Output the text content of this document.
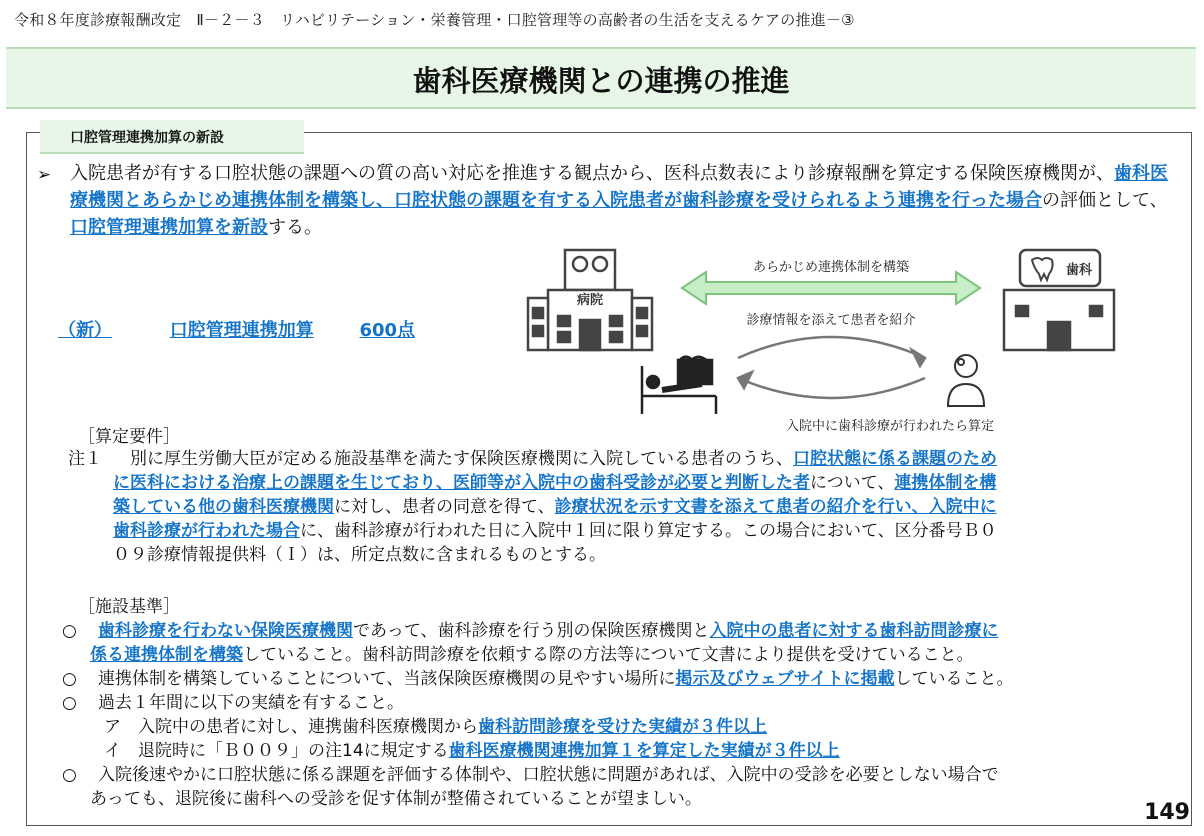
令和８年度診療報酬改定　Ⅱ－２－３　リハビリテーション・栄養管理・口腔管理等の高齢者の生活を支えるケアの推進－③
歯科医療機関との連携の推進
口腔管理連携加算の新設
➢ 入院患者が有する口腔状態の課題への質の高い対応を推進する観点から、医科点数表により診療報酬を算定する保険医療機関が、歯科医療機関とあらかじめ連携体制を構築し、口腔状態の課題を有する入院患者が歯科診療を受けられるよう連携を行った場合の評価として、口腔管理連携加算を新設する。
（新）	口腔管理連携加算	600点
病院
歯科
あらかじめ連携体制を構築
診療情報を添えて患者を紹介
入院中に歯科診療が行われたら算定
［算定要件］
注１ 別に厚生労働大臣が定める施設基準を満たす保険医療機関に入院している患者のうち、口腔状態に係る課題のため
に医科における治療上の課題を生じており、医師等が入院中の歯科受診が必要と判断した者について、連携体制を構
築している他の歯科医療機関に対し、患者の同意を得て、診療状況を示す文書を添えて患者の紹介を行い、入院中に
歯科診療が行われた場合に、歯科診療が行われた日に入院中１回に限り算定する。この場合において、区分番号Ｂ０
０９診療情報提供料（Ｉ）は、所定点数に含まれるものとする。
［施設基準］
○ 歯科診療を行わない保険医療機関であって、歯科診療を行う別の保険医療機関と入院中の患者に対する歯科訪問診療に
係る連携体制を構築していること。歯科訪問診療を依頼する際の方法等について文書により提供を受けていること。
○ 連携体制を構築していることについて、当該保険医療機関の見やすい場所に掲示及びウェブサイトに掲載していること。
○ 過去１年間に以下の実績を有すること。
ア　入院中の患者に対し、連携歯科医療機関から歯科訪問診療を受けた実績が３件以上
イ　退院時に「Ｂ００９」の注14に規定する歯科医療機関連携加算１を算定した実績が３件以上
○ 入院後速やかに口腔状態に係る課題を評価する体制や、口腔状態に問題があれば、入院中の受診を必要としない場合で
あっても、退院後に歯科への受診を促す体制が整備されていることが望ましい。
149
